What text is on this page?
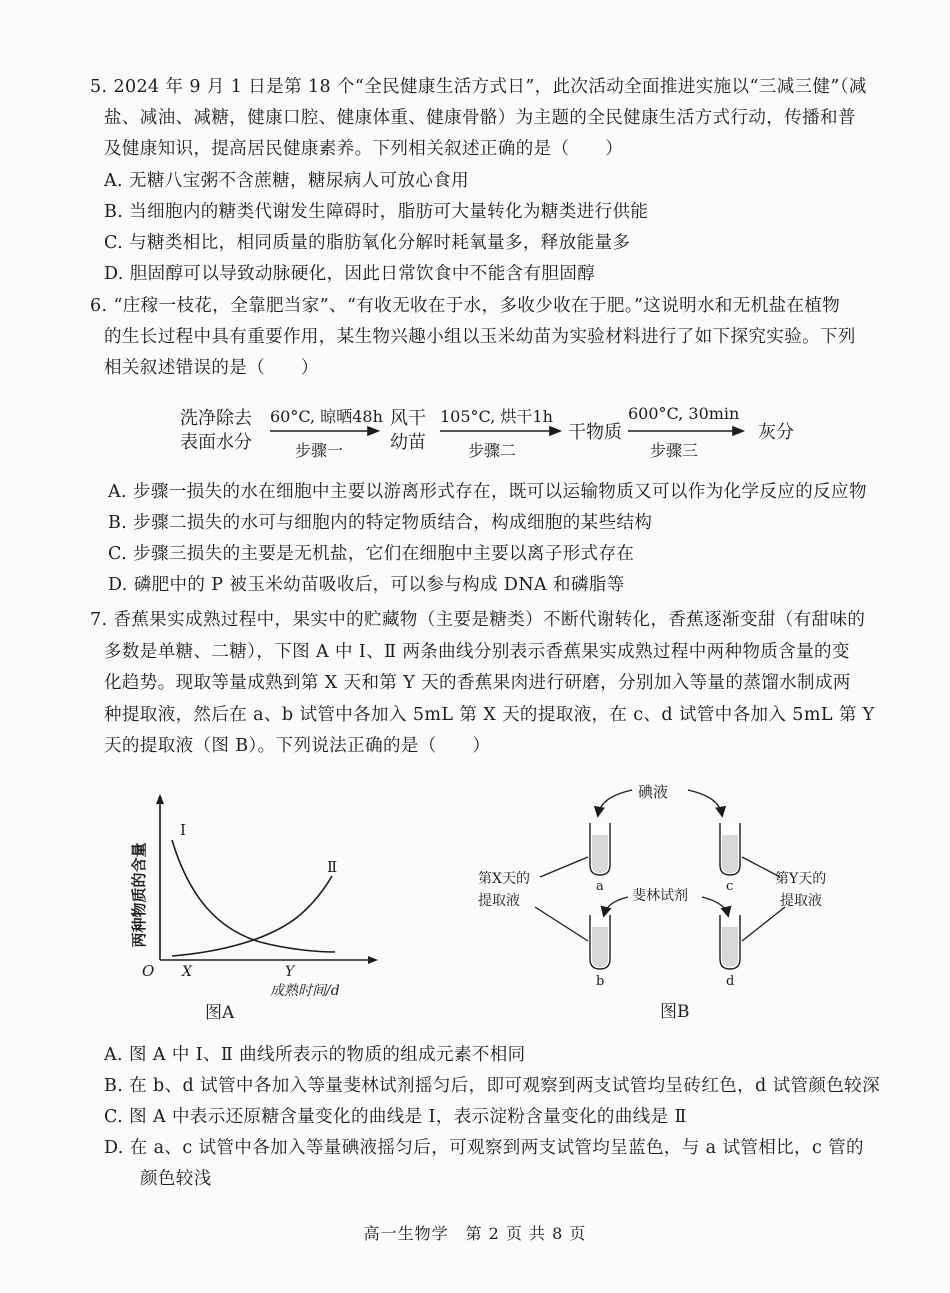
5. 2024 年 9 月 1 日是第 18 个“全民健康生活方式日”，此次活动全面推进实施以“三减三健”（减
盐、减油、减糖，健康口腔、健康体重、健康骨骼）为主题的全民健康生活方式行动，传播和普
及健康知识，提高居民健康素养。下列相关叙述正确的是（　　）
A. 无糖八宝粥不含蔗糖，糖尿病人可放心食用
B. 当细胞内的糖类代谢发生障碍时，脂肪可大量转化为糖类进行供能
C. 与糖类相比，相同质量的脂肪氧化分解时耗氧量多，释放能量多
D. 胆固醇可以导致动脉硬化，因此日常饮食中不能含有胆固醇
6. “庄稼一枝花，全靠肥当家”、“有收无收在于水，多收少收在于肥。”这说明水和无机盐在植物
的生长过程中具有重要作用，某生物兴趣小组以玉米幼苗为实验材料进行了如下探究实验。下列
相关叙述错误的是（　　）
洗净除去
表面水分
60°C, 晾晒48h
步骤一
风干
幼苗
105°C, 烘干1h
步骤二
干物质
600°C, 30min
步骤三
灰分
A. 步骤一损失的水在细胞中主要以游离形式存在，既可以运输物质又可以作为化学反应的反应物
B. 步骤二损失的水可与细胞内的特定物质结合，构成细胞的某些结构
C. 步骤三损失的主要是无机盐，它们在细胞中主要以离子形式存在
D. 磷肥中的 P 被玉米幼苗吸收后，可以参与构成 DNA 和磷脂等
7. 香蕉果实成熟过程中，果实中的贮藏物（主要是糖类）不断代谢转化，香蕉逐渐变甜（有甜味的
多数是单糖、二糖），下图 A 中 Ⅰ、Ⅱ 两条曲线分别表示香蕉果实成熟过程中两种物质含量的变
化趋势。现取等量成熟到第 X 天和第 Y 天的香蕉果肉进行研磨，分别加入等量的蒸馏水制成两
种提取液，然后在 a、b 试管中各加入 5mL 第 X 天的提取液，在 c、d 试管中各加入 5mL 第 Y
天的提取液（图 B）。下列说法正确的是（　　）
两种物质的含量
Ⅰ
Ⅱ
O X	Y
成熟时间/d
图A
碘液
a	c
b	d
第X天的
提取液
第Y天的
提取液
斐林试剂
图B
A. 图 A 中 Ⅰ、Ⅱ 曲线所表示的物质的组成元素不相同
B. 在 b、d 试管中各加入等量斐林试剂摇匀后，即可观察到两支试管均呈砖红色，d 试管颜色较深
C. 图 A 中表示还原糖含量变化的曲线是 Ⅰ，表示淀粉含量变化的曲线是 Ⅱ
D. 在 a、c 试管中各加入等量碘液摇匀后，可观察到两支试管均呈蓝色，与 a 试管相比，c 管的
颜色较浅
高一生物学　第 2 页 共 8 页
